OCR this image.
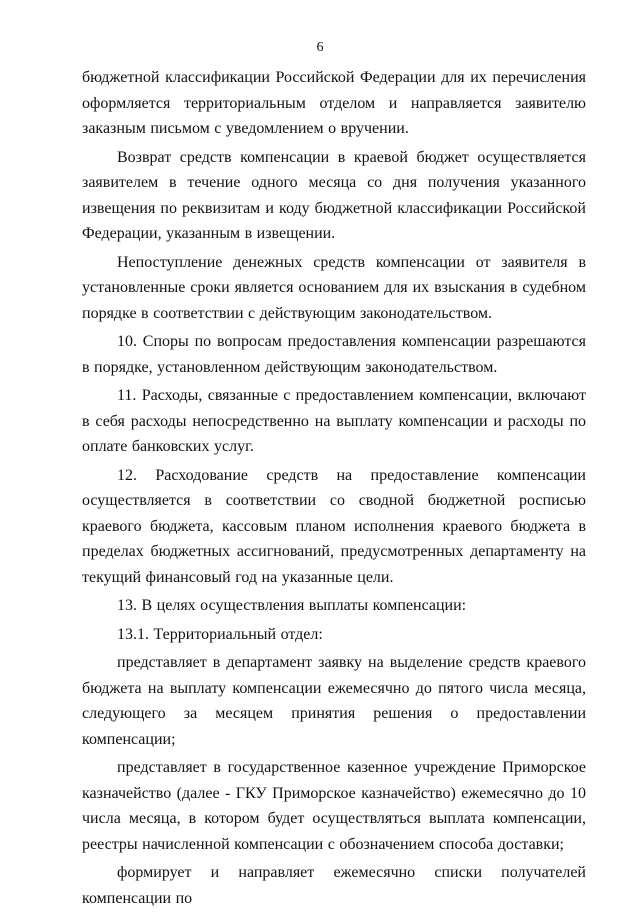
6

бюджетной классификации Российской Федерации для их перечисления оформляется территориальным отделом и направляется заявителю заказным письмом с уведомлением о вручении.

Возврат средств компенсации в краевой бюджет осуществляется заявителем в течение одного месяца со дня получения указанного извещения по реквизитам и коду бюджетной классификации Российской Федерации, указанным в извещении.

Непоступление денежных средств компенсации от заявителя в установленные сроки является основанием для их взыскания в судебном порядке в соответствии с действующим законодательством.

10. Споры по вопросам предоставления компенсации разрешаются в порядке, установленном действующим законодательством.

11. Расходы, связанные с предоставлением компенсации, включают в себя расходы непосредственно на выплату компенсации и расходы по оплате банковских услуг.

12. Расходование средств на предоставление компенсации осуществляется в соответствии со сводной бюджетной росписью краевого бюджета, кассовым планом исполнения краевого бюджета в пределах бюджетных ассигнований, предусмотренных департаменту на текущий финансовый год на указанные цели.

13. В целях осуществления выплаты компенсации:

13.1. Территориальный отдел:

представляет в департамент заявку на выделение средств краевого бюджета на выплату компенсации ежемесячно до пятого числа месяца, следующего за месяцем принятия решения о предоставлении компенсации;

представляет в государственное казенное учреждение Приморское казначейство (далее - ГКУ Приморское казначейство) ежемесячно до 10 числа месяца, в котором будет осуществляться выплата компенсации, реестры начисленной компенсации с обозначением способа доставки;

формирует и направляет ежемесячно списки получателей компенсации по
